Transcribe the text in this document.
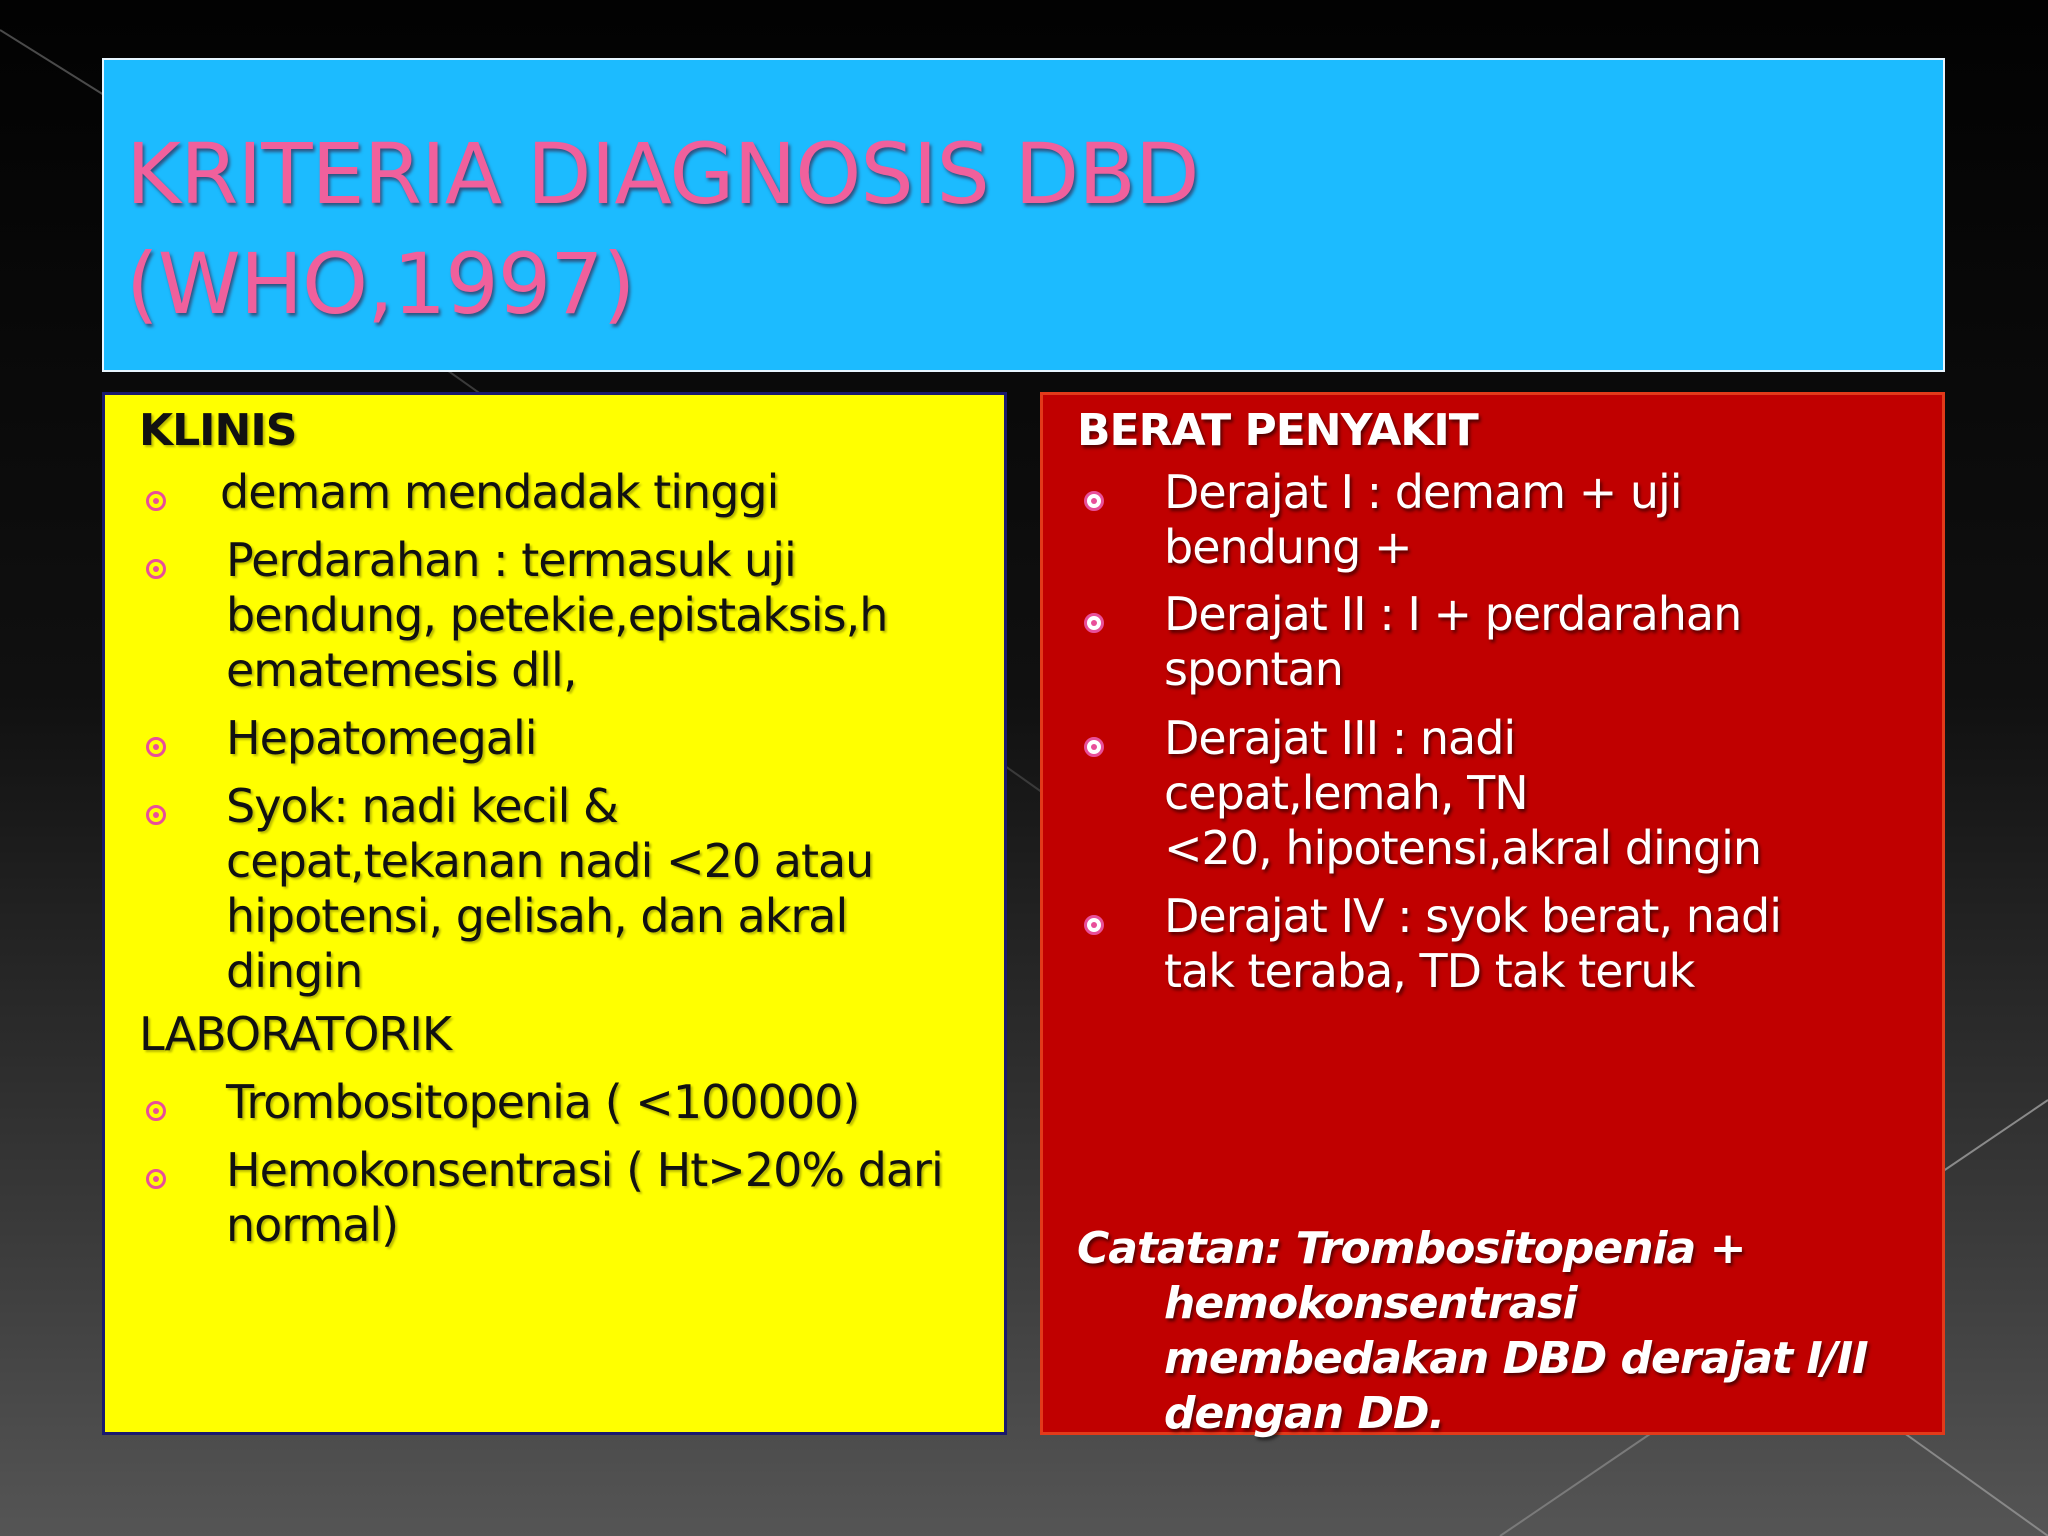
KRITERIA DIAGNOSIS DBD
(WHO,1997)

KLINIS

demam mendadak tinggi

Perdarahan : termasuk uji

bendung, petekie,epistaksis,h

ematemesis dll,

Hepatomegali

Syok: nadi kecil &

cepat,tekanan nadi <20 atau

hipotensi, gelisah, dan akral

dingin

LABORATORIK

Trombositopenia ( <100000)

Hemokonsentrasi ( Ht>20% dari

normal)

BERAT PENYAKIT

Derajat I : demam + uji

bendung +

Derajat II : I + perdarahan

spontan

Derajat III : nadi

cepat,lemah, TN

<20, hipotensi,akral dingin

Derajat IV : syok berat, nadi

tak teraba, TD tak teruk

Catatan: Trombositopenia +

hemokonsentrasi

membedakan DBD derajat I/II

dengan DD.
